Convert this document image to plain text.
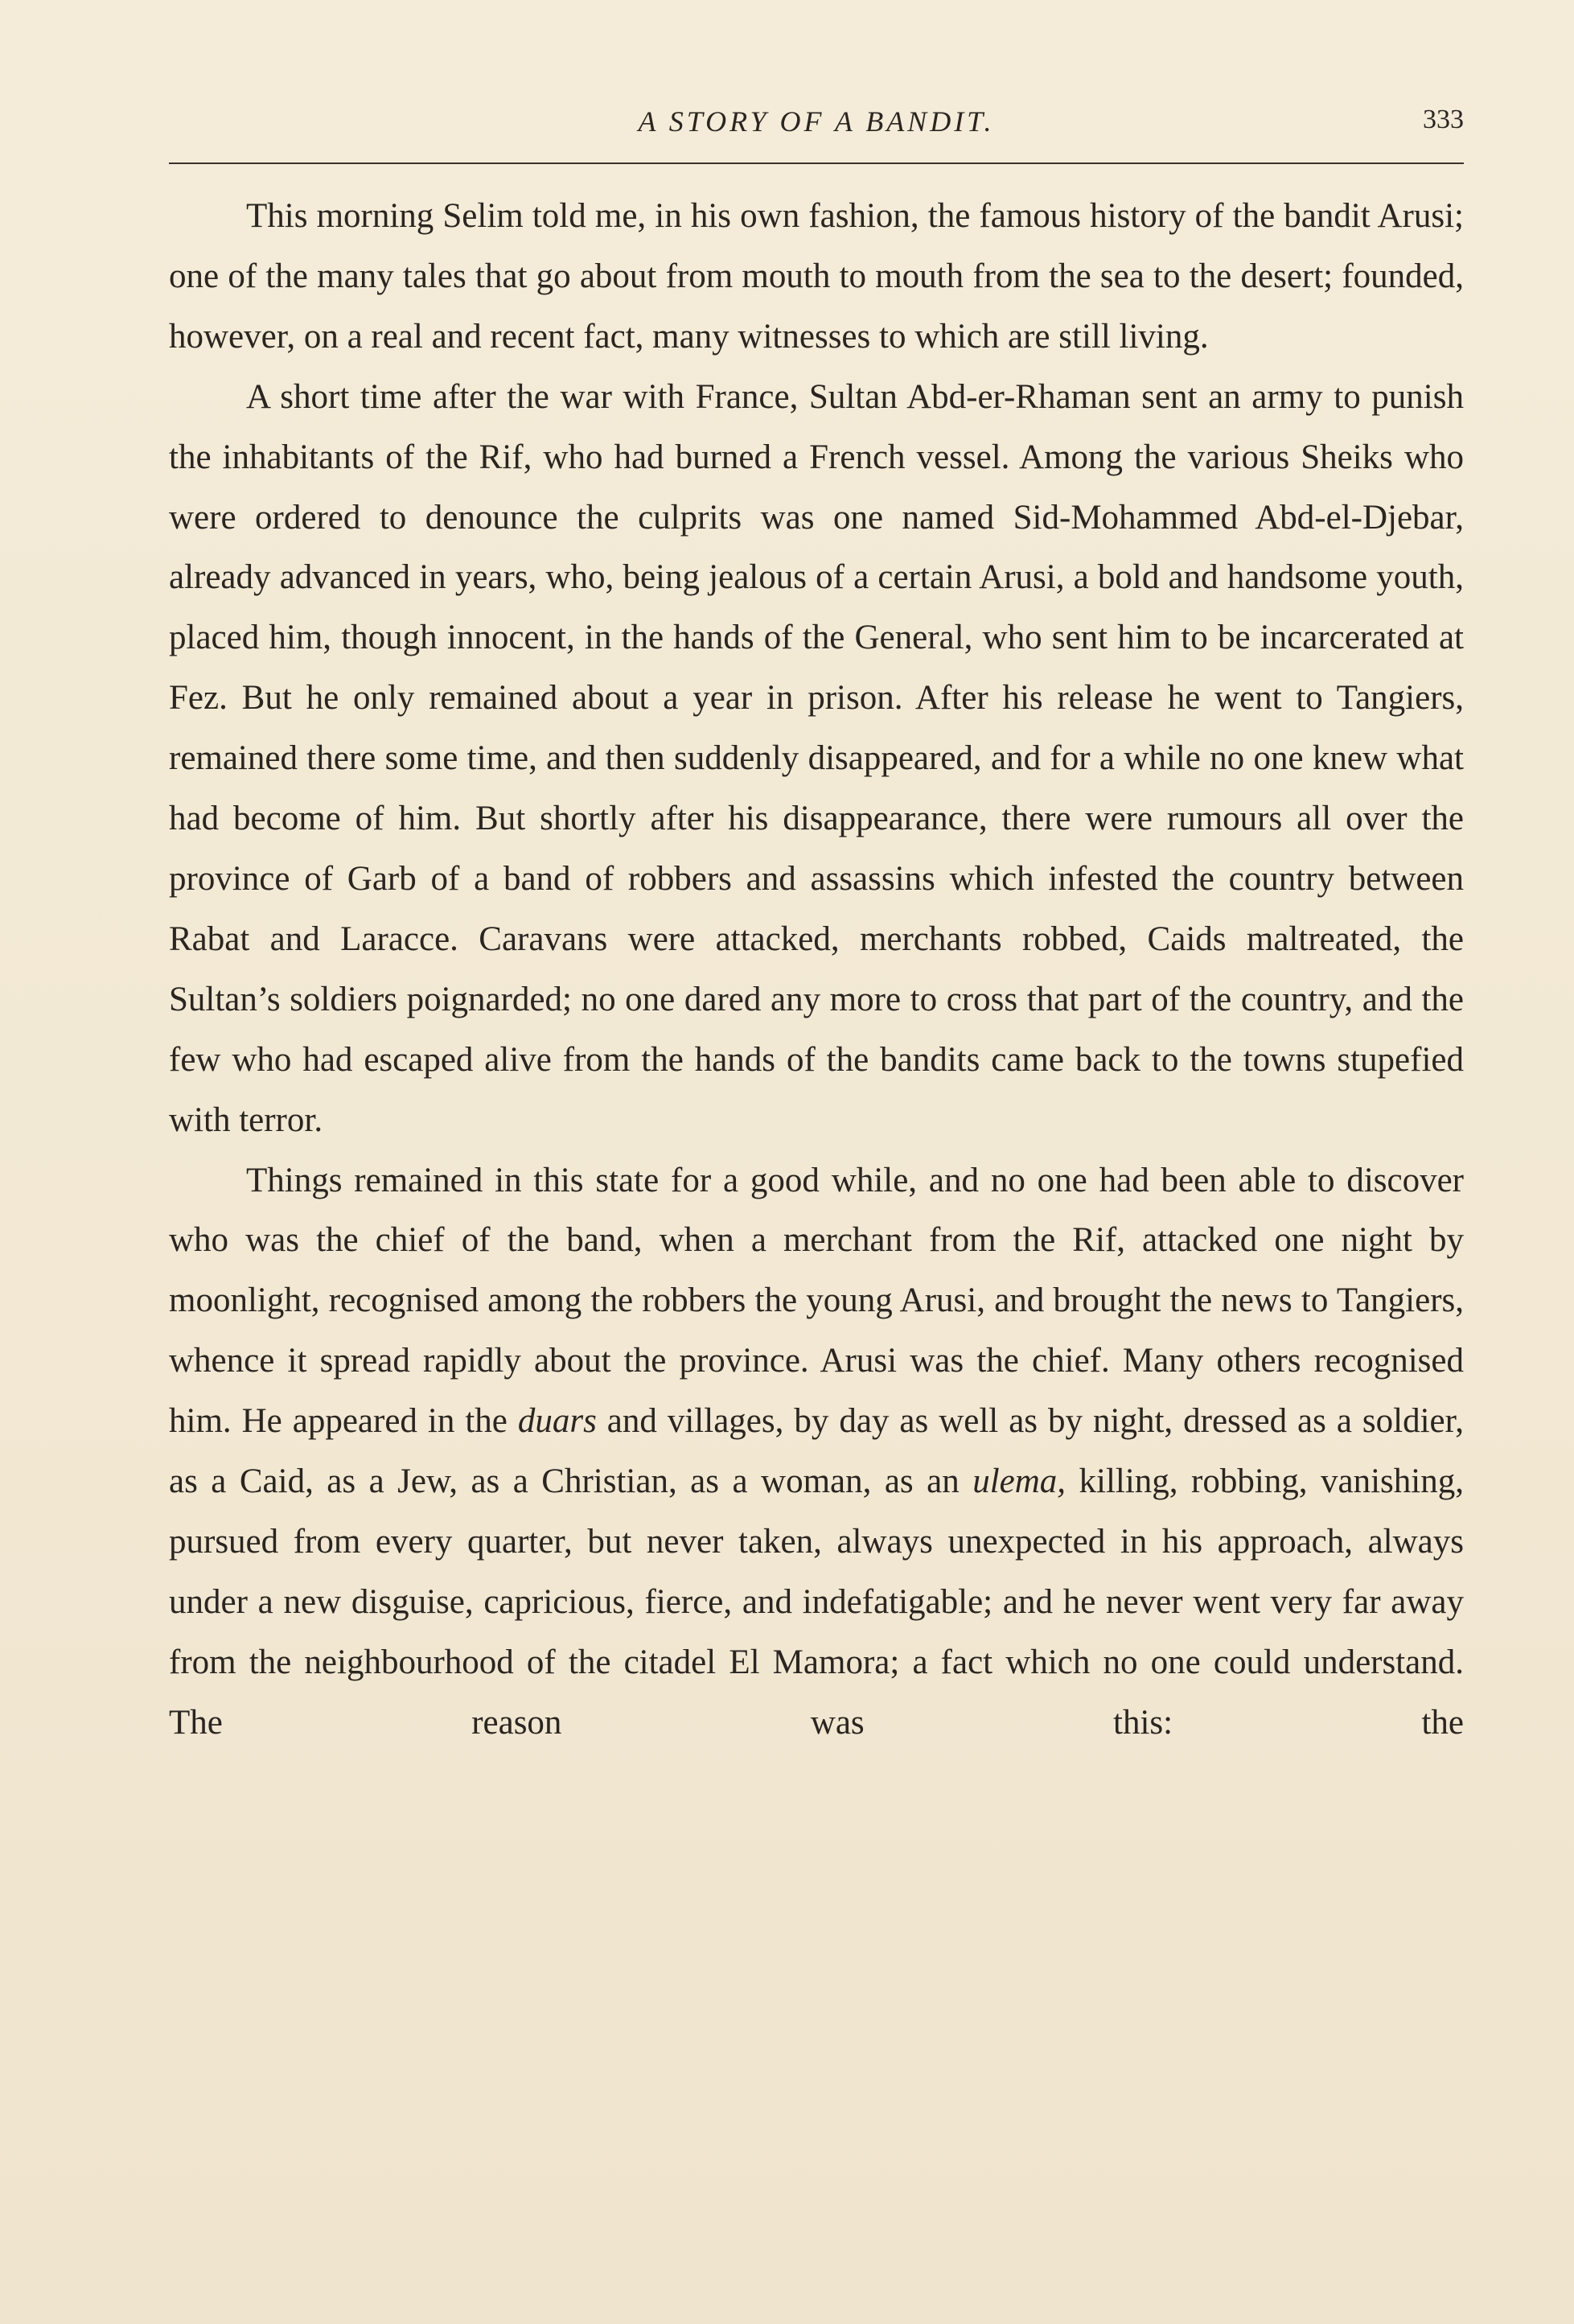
A STORY OF A BANDIT.	333

This morning Selim told me, in his own fashion, the famous history of the bandit Arusi; one of the many tales that go about from mouth to mouth from the sea to the desert; founded, however, on a real and recent fact, many witnesses to which are still living.

A short time after the war with France, Sultan Abd-er-Rhaman sent an army to punish the inhabitants of the Rif, who had burned a French vessel. Among the various Sheiks who were ordered to denounce the culprits was one named Sid-Mohammed Abd-el-Djebar, already advanced in years, who, being jealous of a certain Arusi, a bold and handsome youth, placed him, though innocent, in the hands of the General, who sent him to be incarcerated at Fez. But he only remained about a year in prison. After his release he went to Tangiers, remained there some time, and then suddenly disappeared, and for a while no one knew what had become of him. But shortly after his disappearance, there were rumours all over the province of Garb of a band of robbers and assassins which infested the country between Rabat and Laracce. Caravans were attacked, merchants robbed, Caids maltreated, the Sultan’s soldiers poignarded; no one dared any more to cross that part of the country, and the few who had escaped alive from the hands of the bandits came back to the towns stupefied with terror.

Things remained in this state for a good while, and no one had been able to discover who was the chief of the band, when a merchant from the Rif, attacked one night by moonlight, recognised among the robbers the young Arusi, and brought the news to Tangiers, whence it spread rapidly about the province. Arusi was the chief. Many others recognised him. He appeared in the duars and villages, by day as well as by night, dressed as a soldier, as a Caid, as a Jew, as a Christian, as a woman, as an ulema, killing, robbing, vanishing, pursued from every quarter, but never taken, always unexpected in his approach, always under a new disguise, capricious, fierce, and indefatigable; and he never went very far away from the neighbourhood of the citadel El Mamora; a fact which no one could understand. The reason was this: the
